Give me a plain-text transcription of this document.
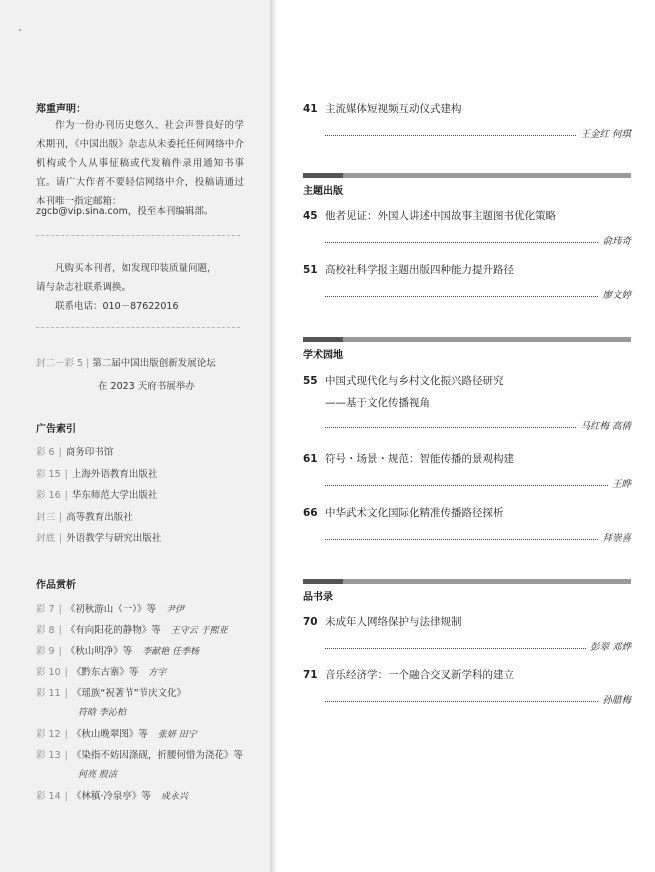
郑重声明：
作为一份办刊历史悠久、社会声誉良好的学术期刊，《中国出版》杂志从未委托任何网络中介机构或个人从事征稿或代发稿件录用通知书事宜。请广大作者不要轻信网络中介，投稿请通过本刊唯一指定邮箱：
zgcb@vip.sina.com，投至本刊编辑部。
凡购买本刊者，如发现印装质量问题，
请与杂志社联系调换。
联系电话：010－87622016
封二－彩 5 | 第二届中国出版创新发展论坛
在 2023 天府书展举办
广告索引
彩 6 | 商务印书馆
彩 15 | 上海外语教育出版社
彩 16 | 华东师范大学出版社
封三 | 高等教育出版社
封底 | 外语教学与研究出版社
作品赏析
彩 7 | 《初秋游山（一）》等 尹伊
彩 8 | 《有向阳花的静物》等 王守云 于熙亚
彩 9 | 《秋山明净》等 李献艳 任季杨
彩 10 | 《黔东古寨》等 方宇
彩 11 | 《瑶族“祝著节”节庆文化》
符晗 李沁柏
彩 12 | 《秋山晚翠图》等 张妍 田宁
彩 13 | 《染指不妨因涤砚，折腰何惜为浇花》等
何亮 殷洁
彩 14 | 《林稹·冷泉亭》等 成永兴
41 主流媒体短视频互动仪式建构
王金红 何琪
主题出版
45 他者见证：外国人讲述中国故事主题图书优化策略
俞玮奇
51 高校社科学报主题出版四种能力提升路径
廖文婷
学术园地
55 中国式现代化与乡村文化振兴路径研究
——基于文化传播视角
马红梅 高倩
61 符号・场景・规范：智能传播的景观构建
王晔
66 中华武术文化国际化精准传播路径探析
拜崇喜
品书录
70 未成年人网络保护与法律规制
彭翠 邓烨
71 音乐经济学：一个融合交叉新学科的建立
孙腊梅
